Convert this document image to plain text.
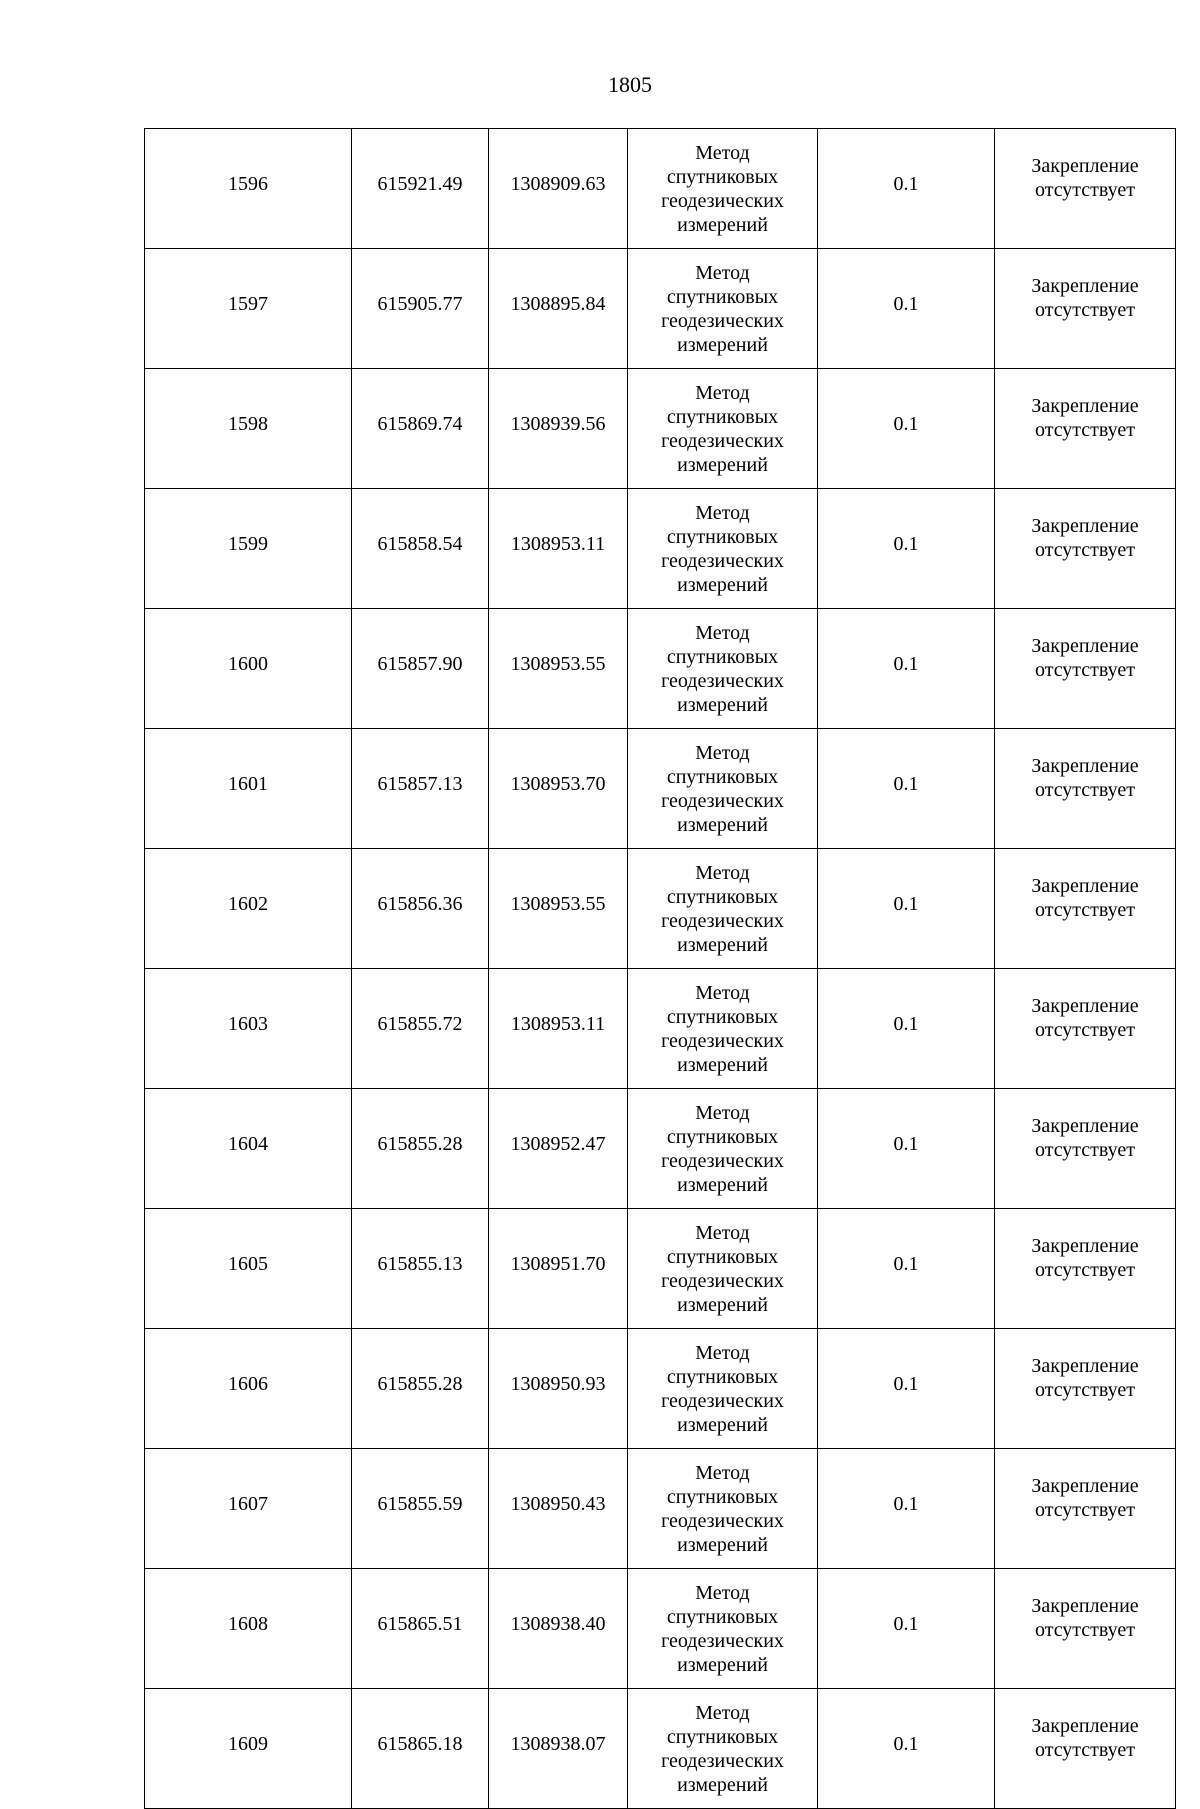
1805
1596	615921.49	1308909.63	Метод
спутниковых
геодезических
измерений	0.1	Закрепление
отсутствует

1597	615905.77	1308895.84	Метод
спутниковых
геодезических
измерений	0.1	Закрепление
отсутствует

1598	615869.74	1308939.56	Метод
спутниковых
геодезических
измерений	0.1	Закрепление
отсутствует

1599	615858.54	1308953.11	Метод
спутниковых
геодезических
измерений	0.1	Закрепление
отсутствует

1600	615857.90	1308953.55	Метод
спутниковых
геодезических
измерений	0.1	Закрепление
отсутствует

1601	615857.13	1308953.70	Метод
спутниковых
геодезических
измерений	0.1	Закрепление
отсутствует

1602	615856.36	1308953.55	Метод
спутниковых
геодезических
измерений	0.1	Закрепление
отсутствует

1603	615855.72	1308953.11	Метод
спутниковых
геодезических
измерений	0.1	Закрепление
отсутствует

1604	615855.28	1308952.47	Метод
спутниковых
геодезических
измерений	0.1	Закрепление
отсутствует

1605	615855.13	1308951.70	Метод
спутниковых
геодезических
измерений	0.1	Закрепление
отсутствует

1606	615855.28	1308950.93	Метод
спутниковых
геодезических
измерений	0.1	Закрепление
отсутствует

1607	615855.59	1308950.43	Метод
спутниковых
геодезических
измерений	0.1	Закрепление
отсутствует

1608	615865.51	1308938.40	Метод
спутниковых
геодезических
измерений	0.1	Закрепление
отсутствует

1609	615865.18	1308938.07	Метод
спутниковых
геодезических
измерений	0.1	Закрепление
отсутствует
